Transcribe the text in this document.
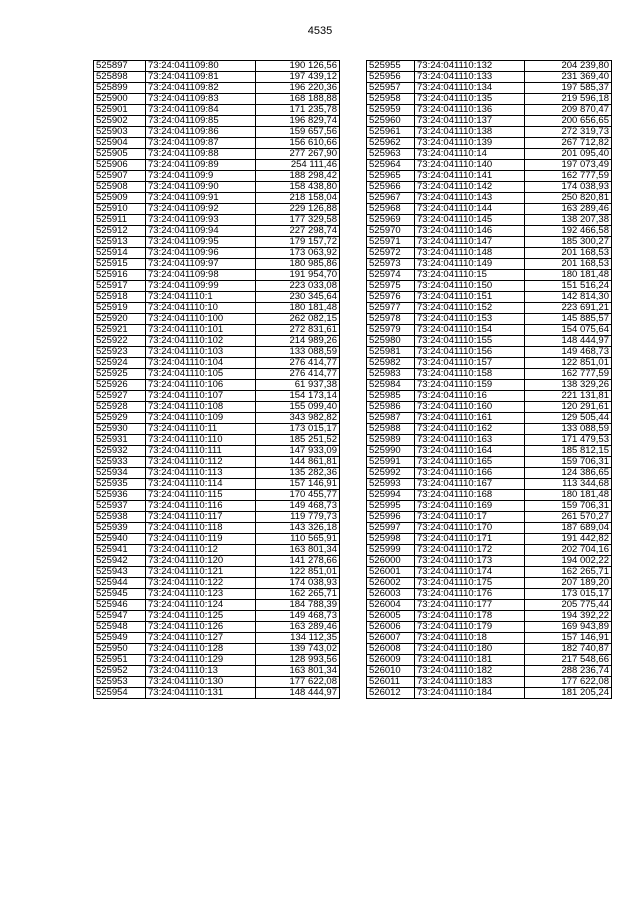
4535
525897	73:24:041109:80	190 126,56
525898	73:24:041109:81	197 439,12
525899	73:24:041109:82	196 220,36
525900	73:24:041109:83	168 188,88
525901	73:24:041109:84	171 235,78
525902	73:24:041109:85	196 829,74
525903	73:24:041109:86	159 657,56
525904	73:24:041109:87	156 610,66
525905	73:24:041109:88	277 267,90
525906	73:24:041109:89	254 111,46
525907	73:24:041109:9	188 298,42
525908	73:24:041109:90	158 438,80
525909	73:24:041109:91	218 158,04
525910	73:24:041109:92	229 126,88
525911	73:24:041109:93	177 329,58
525912	73:24:041109:94	227 298,74
525913	73:24:041109:95	179 157,72
525914	73:24:041109:96	173 063,92
525915	73:24:041109:97	180 985,86
525916	73:24:041109:98	191 954,70
525917	73:24:041109:99	223 033,08
525918	73:24:041110:1	230 345,64
525919	73:24:041110:10	180 181,48
525920	73:24:041110:100	262 082,15
525921	73:24:041110:101	272 831,61
525922	73:24:041110:102	214 989,26
525923	73:24:041110:103	133 088,59
525924	73:24:041110:104	276 414,77
525925	73:24:041110:105	276 414,77
525926	73:24:041110:106	61 937,38
525927	73:24:041110:107	154 173,14
525928	73:24:041110:108	155 099,40
525929	73:24:041110:109	343 982,82
525930	73:24:041110:11	173 015,17
525931	73:24:041110:110	185 251,52
525932	73:24:041110:111	147 933,09
525933	73:24:041110:112	144 861,81
525934	73:24:041110:113	135 282,36
525935	73:24:041110:114	157 146,91
525936	73:24:041110:115	170 455,77
525937	73:24:041110:116	149 468,73
525938	73:24:041110:117	119 779,73
525939	73:24:041110:118	143 326,18
525940	73:24:041110:119	110 565,91
525941	73:24:041110:12	163 801,34
525942	73:24:041110:120	141 278,66
525943	73:24:041110:121	122 851,01
525944	73:24:041110:122	174 038,93
525945	73:24:041110:123	162 265,71
525946	73:24:041110:124	184 788,39
525947	73:24:041110:125	149 468,73
525948	73:24:041110:126	163 289,46
525949	73:24:041110:127	134 112,35
525950	73:24:041110:128	139 743,02
525951	73:24:041110:129	128 993,56
525952	73:24:041110:13	163 801,34
525953	73:24:041110:130	177 622,08
525954	73:24:041110:131	148 444,97
525955	73:24:041110:132	204 239,80
525956	73:24:041110:133	231 369,40
525957	73:24:041110:134	197 585,37
525958	73:24:041110:135	219 596,18
525959	73:24:041110:136	209 870,47
525960	73:24:041110:137	200 656,65
525961	73:24:041110:138	272 319,73
525962	73:24:041110:139	267 712,82
525963	73:24:041110:14	201 095,40
525964	73:24:041110:140	197 073,49
525965	73:24:041110:141	162 777,59
525966	73:24:041110:142	174 038,93
525967	73:24:041110:143	250 820,81
525968	73:24:041110:144	163 289,46
525969	73:24:041110:145	138 207,38
525970	73:24:041110:146	192 466,58
525971	73:24:041110:147	185 300,27
525972	73:24:041110:148	201 168,53
525973	73:24:041110:149	201 168,53
525974	73:24:041110:15	180 181,48
525975	73:24:041110:150	151 516,24
525976	73:24:041110:151	142 814,30
525977	73:24:041110:152	223 691,21
525978	73:24:041110:153	145 885,57
525979	73:24:041110:154	154 075,64
525980	73:24:041110:155	148 444,97
525981	73:24:041110:156	149 468,73
525982	73:24:041110:157	122 851,01
525983	73:24:041110:158	162 777,59
525984	73:24:041110:159	138 329,26
525985	73:24:041110:16	221 131,81
525986	73:24:041110:160	120 291,61
525987	73:24:041110:161	129 505,44
525988	73:24:041110:162	133 088,59
525989	73:24:041110:163	171 479,53
525990	73:24:041110:164	185 812,15
525991	73:24:041110:165	159 706,31
525992	73:24:041110:166	124 386,65
525993	73:24:041110:167	113 344,68
525994	73:24:041110:168	180 181,48
525995	73:24:041110:169	159 706,31
525996	73:24:041110:17	261 570,27
525997	73:24:041110:170	187 689,04
525998	73:24:041110:171	191 442,82
525999	73:24:041110:172	202 704,16
526000	73:24:041110:173	194 002,22
526001	73:24:041110:174	162 265,71
526002	73:24:041110:175	207 189,20
526003	73:24:041110:176	173 015,17
526004	73:24:041110:177	205 775,44
526005	73:24:041110:178	194 392,22
526006	73:24:041110:179	169 943,89
526007	73:24:041110:18	157 146,91
526008	73:24:041110:180	182 740,87
526009	73:24:041110:181	217 548,66
526010	73:24:041110:182	288 236,74
526011	73:24:041110:183	177 622,08
526012	73:24:041110:184	181 205,24
